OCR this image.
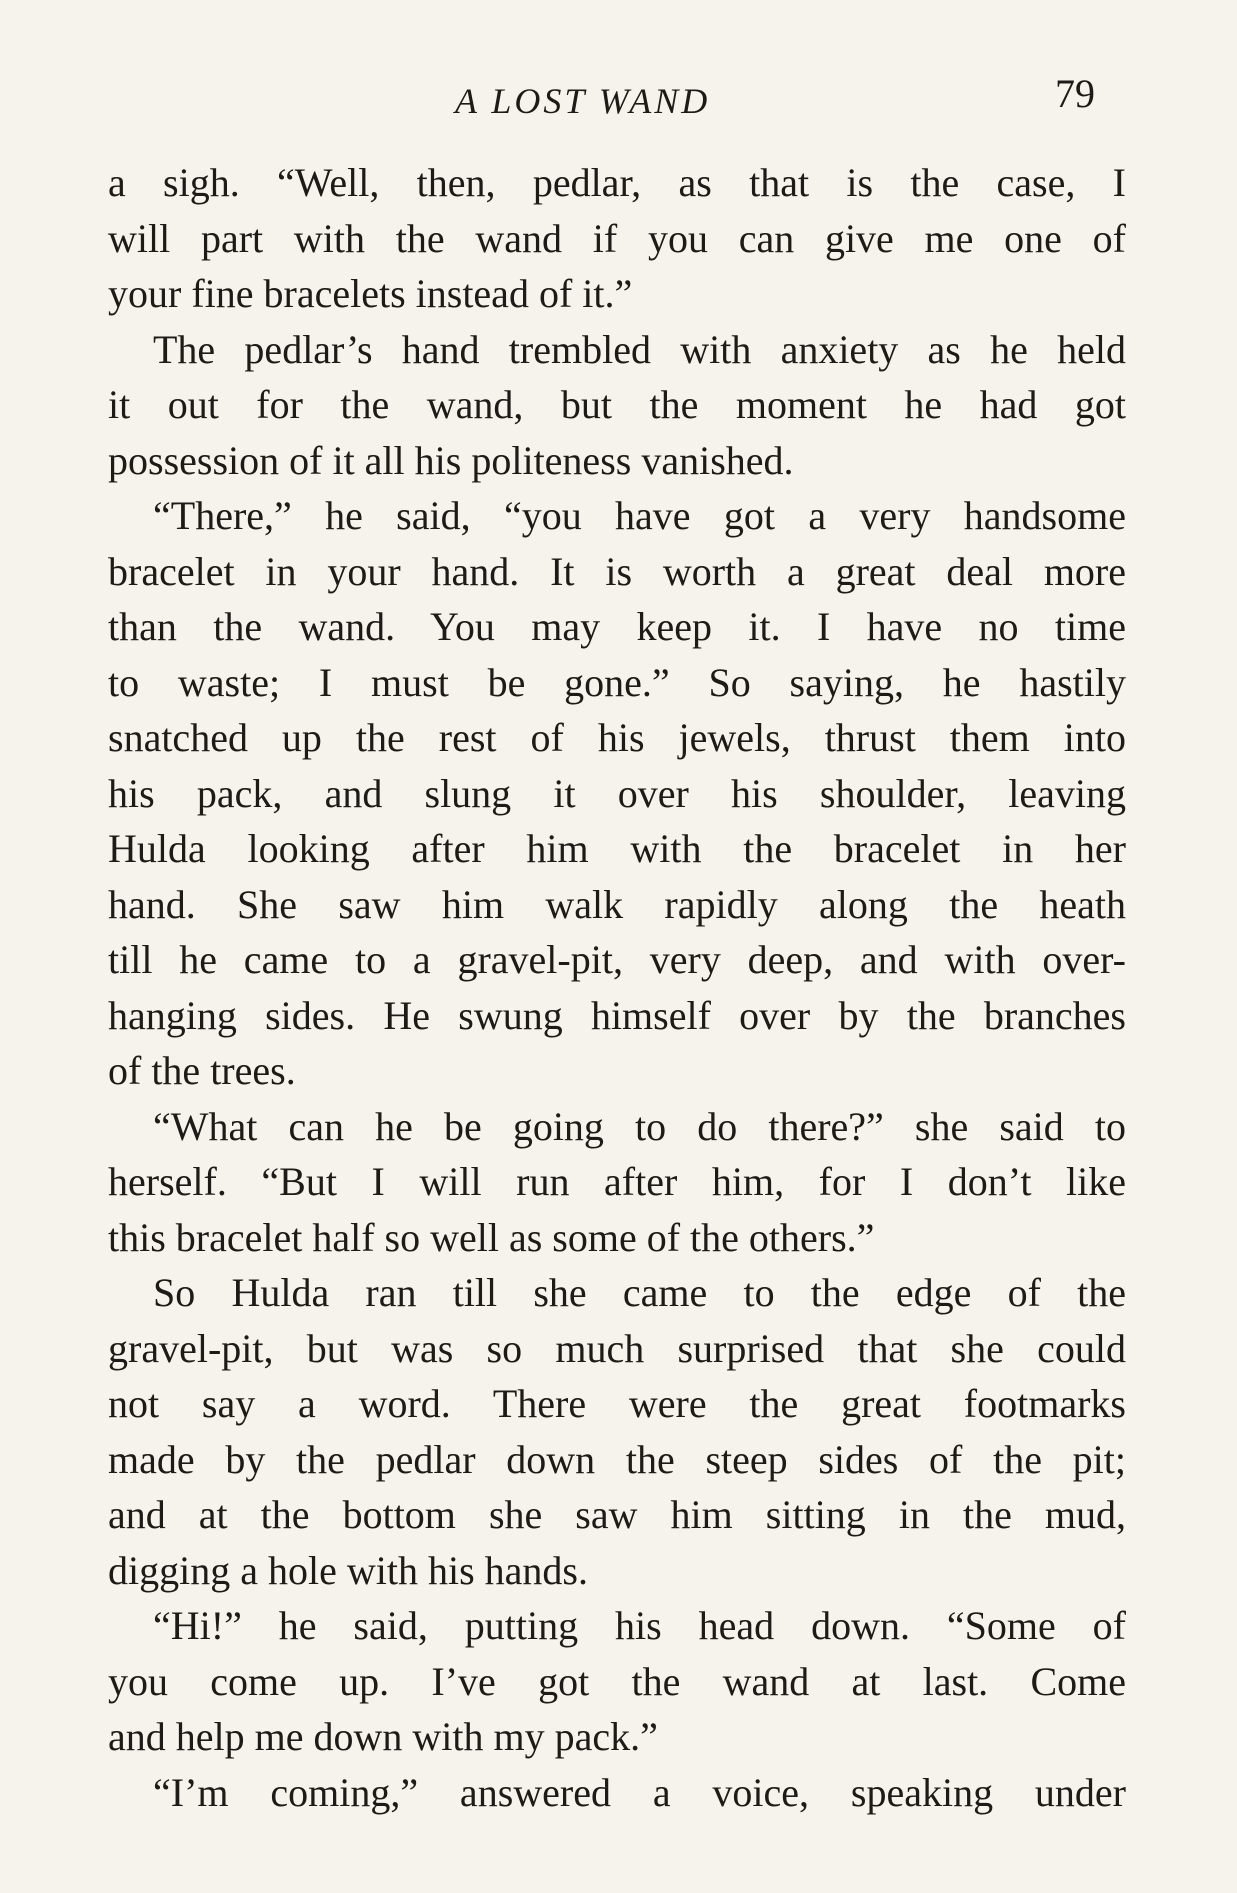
A LOST WAND	79
a sigh. “Well, then, pedlar, as that is the case, I
will part with the wand if you can give me one of
your fine bracelets instead of it.”
The pedlar’s hand trembled with anxiety as he held
it out for the wand, but the moment he had got
possession of it all his politeness vanished.
“There,” he said, “you have got a very handsome
bracelet in your hand. It is worth a great deal more
than the wand. You may keep it. I have no time
to waste; I must be gone.” So saying, he hastily
snatched up the rest of his jewels, thrust them into
his pack, and slung it over his shoulder, leaving
Hulda looking after him with the bracelet in her
hand. She saw him walk rapidly along the heath
till he came to a gravel-pit, very deep, and with over-
hanging sides. He swung himself over by the branches
of the trees.
“What can he be going to do there?” she said to
herself. “But I will run after him, for I don’t like
this bracelet half so well as some of the others.”
So Hulda ran till she came to the edge of the
gravel-pit, but was so much surprised that she could
not say a word. There were the great footmarks
made by the pedlar down the steep sides of the pit;
and at the bottom she saw him sitting in the mud,
digging a hole with his hands.
“Hi!” he said, putting his head down. “Some of
you come up. I’ve got the wand at last. Come
and help me down with my pack.”
“I’m coming,” answered a voice, speaking under
